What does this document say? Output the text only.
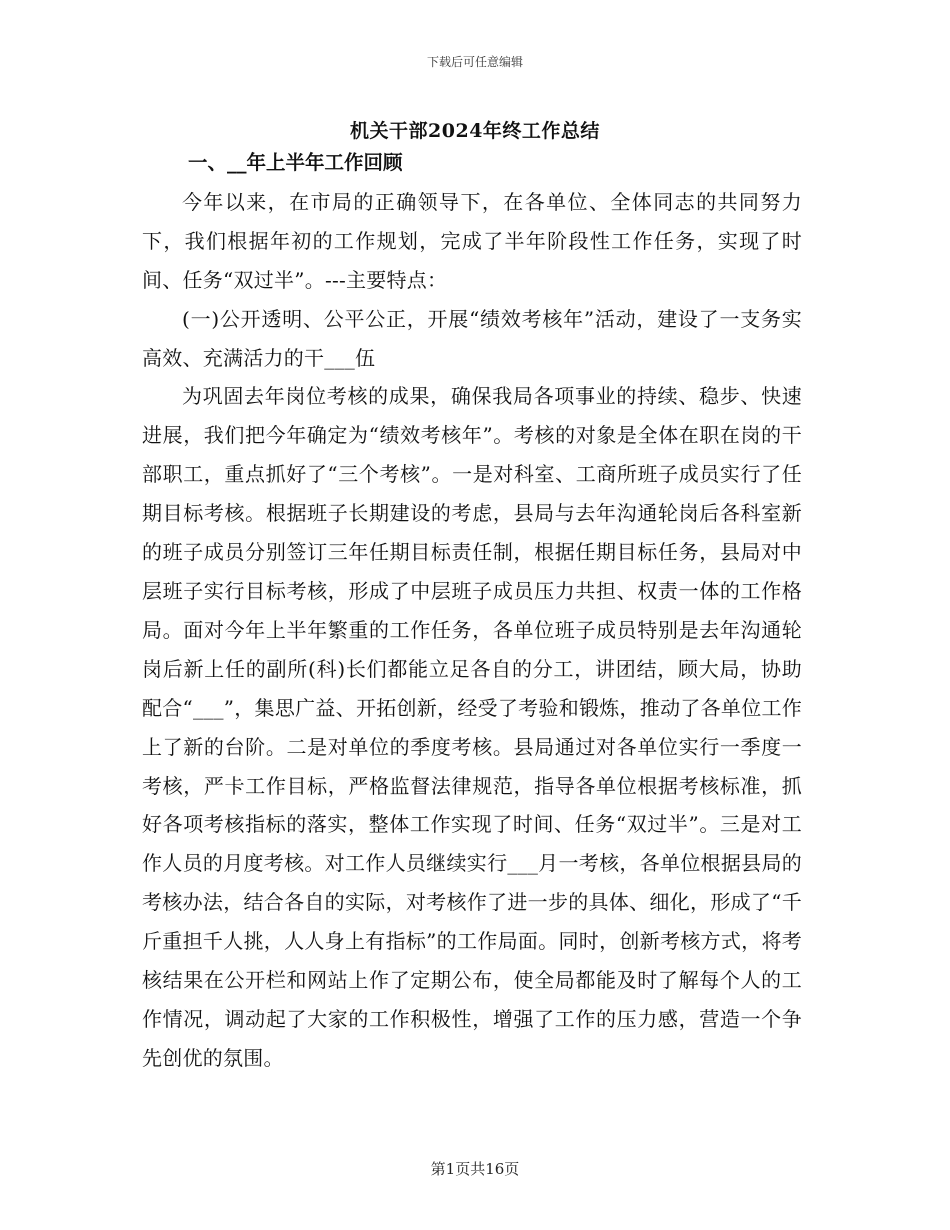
下载后可任意编辑
机关干部2024年终工作总结

一、__年上半年工作回顾

今年以来，在市局的正确领导下，在各单位、全体同志的共同努力下，我们根据年初的工作规划，完成了半年阶段性工作任务，实现了时间、任务“双过半”。---主要特点：

(一)公开透明、公平公正，开展“绩效考核年”活动，建设了一支务实高效、充满活力的干___伍

为巩固去年岗位考核的成果，确保我局各项事业的持续、稳步、快速进展，我们把今年确定为“绩效考核年”。考核的对象是全体在职在岗的干部职工，重点抓好了“三个考核”。一是对科室、工商所班子成员实行了任期目标考核。根据班子长期建设的考虑，县局与去年沟通轮岗后各科室新的班子成员分别签订三年任期目标责任制，根据任期目标任务，县局对中层班子实行目标考核，形成了中层班子成员压力共担、权责一体的工作格局。面对今年上半年繁重的工作任务，各单位班子成员特别是去年沟通轮岗后新上任的副所(科)长们都能立足各自的分工，讲团结，顾大局，协助配合“___”，集思广益、开拓创新，经受了考验和锻炼，推动了各单位工作上了新的台阶。二是对单位的季度考核。县局通过对各单位实行一季度一考核，严卡工作目标，严格监督法律规范，指导各单位根据考核标准，抓好各项考核指标的落实，整体工作实现了时间、任务“双过半”。三是对工作人员的月度考核。对工作人员继续实行___月一考核，各单位根据县局的考核办法，结合各自的实际，对考核作了进一步的具体、细化，形成了“千斤重担千人挑，人人身上有指标”的工作局面。同时，创新考核方式，将考核结果在公开栏和网站上作了定期公布，使全局都能及时了解每个人的工作情况，调动起了大家的工作积极性，增强了工作的压力感，营造一个争先创优的氛围。

第1页共16页
